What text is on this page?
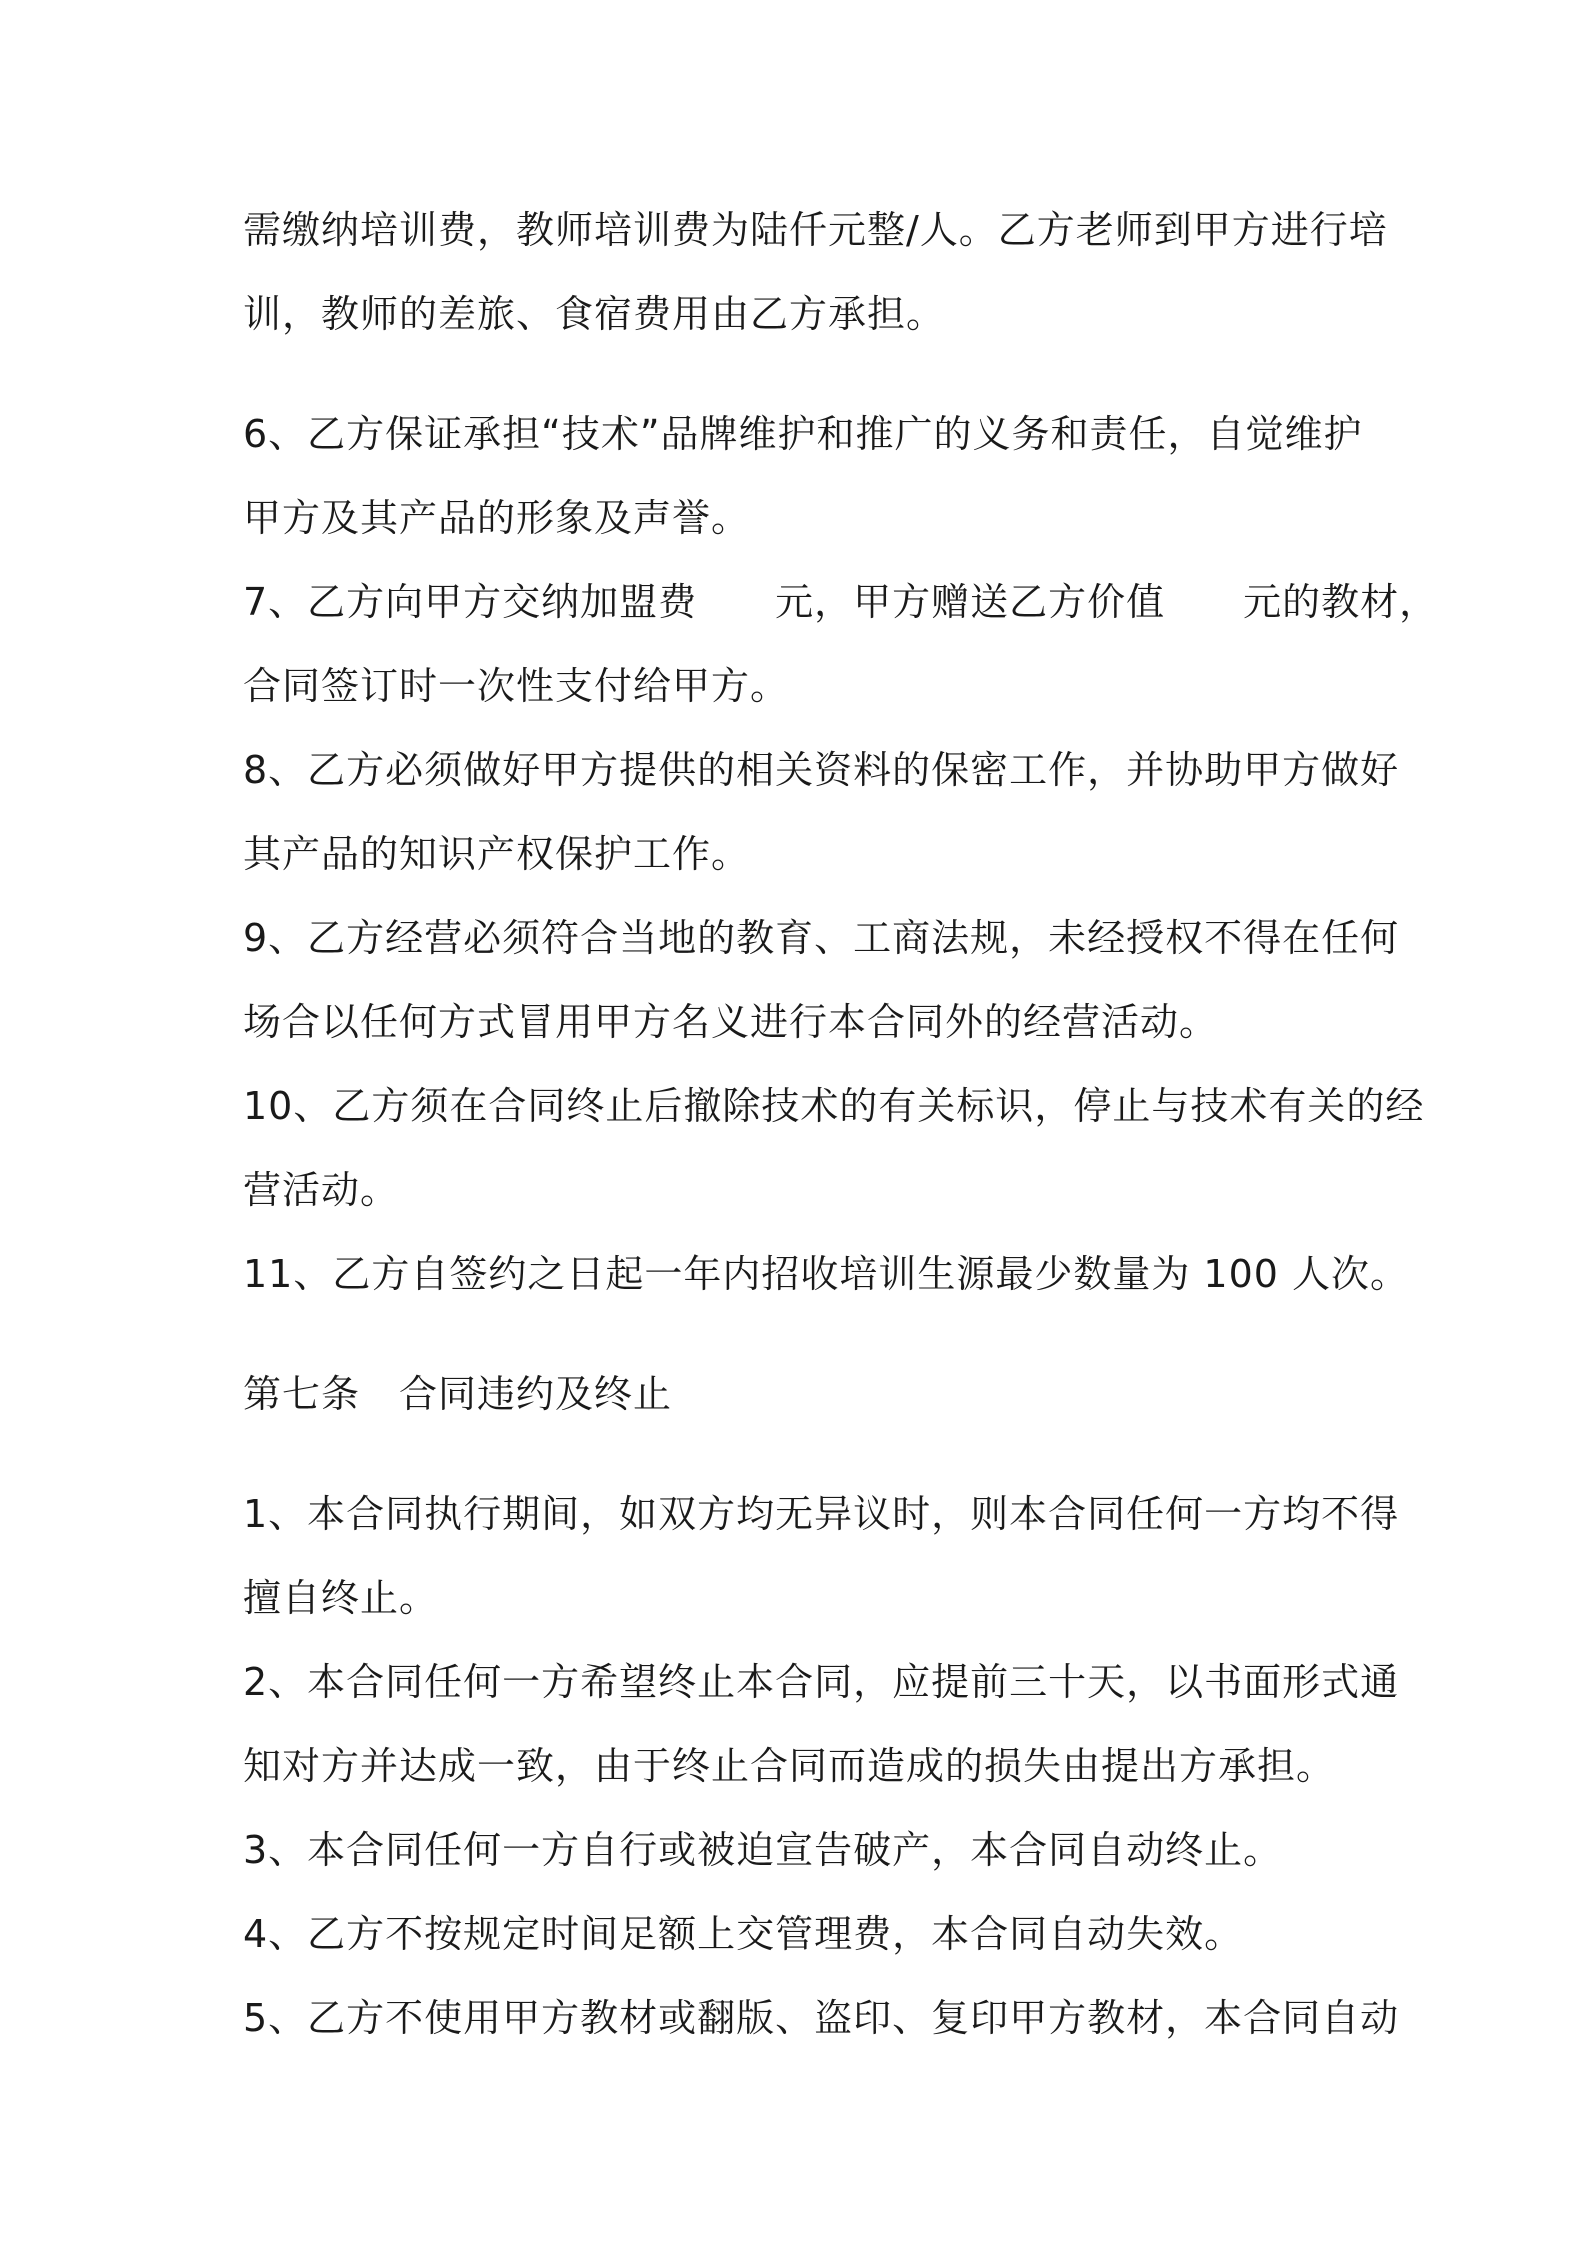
需缴纳培训费，教师培训费为陆仟元整/人。乙方老师到甲方进行培
训，教师的差旅、食宿费用由乙方承担。
6、乙方保证承担“技术”品牌维护和推广的义务和责任，自觉维护
甲方及其产品的形象及声誉。
7、乙方向甲方交纳加盟费　　元，甲方赠送乙方价值　　元的教材，
合同签订时一次性支付给甲方。
8、乙方必须做好甲方提供的相关资料的保密工作，并协助甲方做好
其产品的知识产权保护工作。
9、乙方经营必须符合当地的教育、工商法规，未经授权不得在任何
场合以任何方式冒用甲方名义进行本合同外的经营活动。
10、乙方须在合同终止后撤除技术的有关标识，停止与技术有关的经
营活动。
11、乙方自签约之日起一年内招收培训生源最少数量为 100 人次。
第七条　合同违约及终止
1、本合同执行期间，如双方均无异议时，则本合同任何一方均不得
擅自终止。
2、本合同任何一方希望终止本合同，应提前三十天，以书面形式通
知对方并达成一致，由于终止合同而造成的损失由提出方承担。
3、本合同任何一方自行或被迫宣告破产，本合同自动终止。
4、乙方不按规定时间足额上交管理费，本合同自动失效。
5、乙方不使用甲方教材或翻版、盗印、复印甲方教材，本合同自动
